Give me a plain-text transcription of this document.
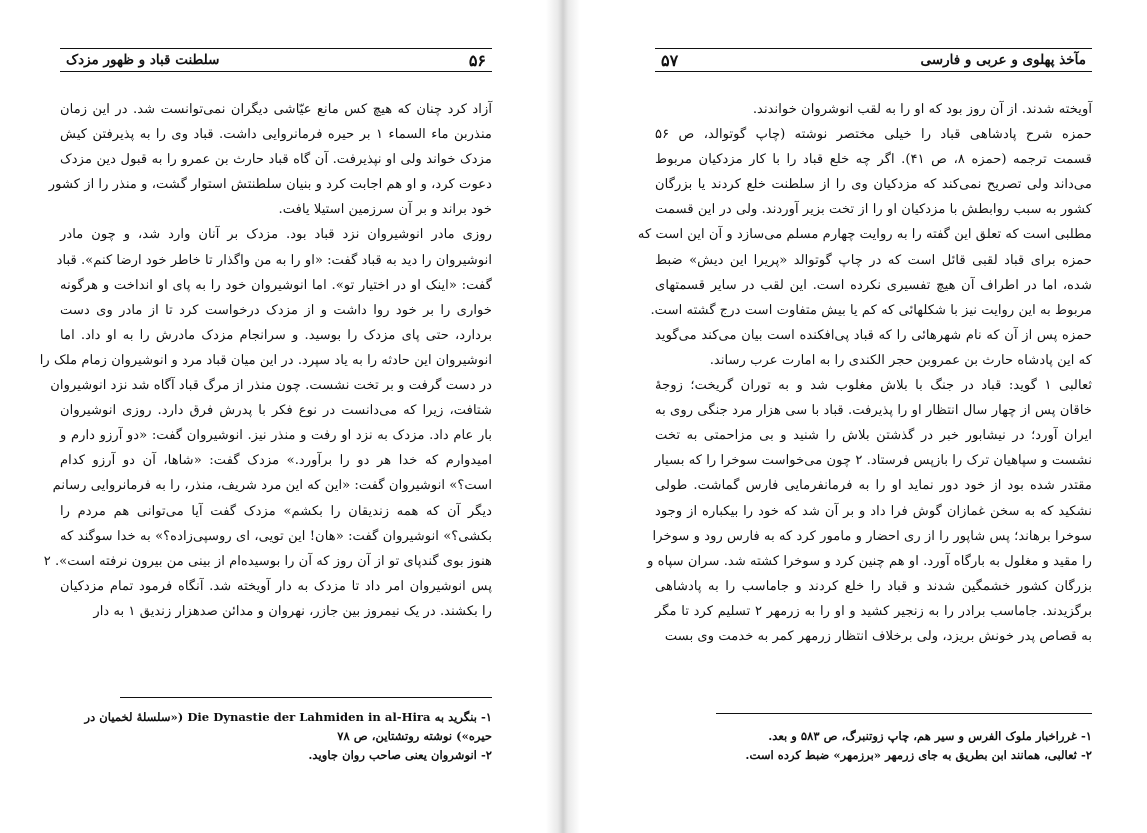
۵۶
سلطنت قباد و ظهور مزدک
آزاد کرد چنان که هیچ کس مانع عیّاشی دیگران نمی‌توانست شد. در این زمان
منذربن ماء السماء ۱ بر حیره فرمانروایی داشت. قباد وی را به پذیرفتن کیش
مزدک خواند ولی او نپذیرفت. آن گاه قباد حارث بن عمرو را به قبول دین مزدک
دعوت کرد، و او هم اجابت کرد و بنیان سلطنتش استوار گشت، و منذر را از کشور
خود براند و بر آن سرزمین استیلا یافت.
روزی مادر انوشیروان نزد قباد بود. مزدک بر آنان وارد شد، و چون مادر
انوشیروان را دید به قباد گفت: «او را به من واگذار تا خاطر خود ارضا کنم». قباد
گفت: «اینک او در اختیار تو». اما انوشیروان خود را به پای او انداخت و هرگونه
خواری را بر خود روا داشت و از مزدک درخواست کرد تا از مادر وی دست
بردارد، حتی پای مزدک را بوسید. و سرانجام مزدک مادرش را به او داد. اما
انوشیروان این حادثه را به یاد سپرد. در این میان قباد مرد و انوشیروان زمام ملک را
در دست گرفت و بر تخت نشست. چون منذر از مرگ قباد آگاه شد نزد انوشیروان
شتافت، زیرا که می‌دانست در نوع فکر با پدرش فرق دارد. روزی انوشیروان
بار عام داد. مزدک به نزد او رفت و منذر نیز. انوشیروان گفت: «دو آرزو دارم و
امیدوارم که خدا هر دو را برآورد.» مزدک گفت: «شاها، آن دو آرزو کدام
است؟» انوشیروان گفت: «این که این مرد شریف، منذر، را به فرمانروایی رسانم
دیگر آن که همه زندیقان را بکشم» مزدک گفت آیا می‌توانی هم مردم را
بکشی؟» انوشیروان گفت: «هان! این تویی، ای روسپی‌زاده؟» به خدا سوگند که
هنوز بوی گندپای تو از آن روز که آن را بوسیده‌ام از بینی من بیرون نرفته است». ۲
پس انوشیروان امر داد تا مزدک به دار آویخته شد. آنگاه فرمود تمام مزدکیان
را بکشند. در یک نیمروز بین جازر، نهروان و مدائن صدهزار زندیق ۱ به دار
۱- بنگرید به Die Dynastie der Lahmiden in al-Hira («سلسلهٔ لخمیان در
حیره») نوشته روتشتاین، ص ۷۸
۲- انوشروان یعنی صاحب روان جاوید.
مآخذ پهلوی و عربی و فارسی
۵۷
آویخته شدند. از آن روز بود که او را به لقب انوشروان خواندند.
حمزه شرح پادشاهی قباد را خیلی مختصر نوشته (چاپ گوتوالد، ص ۵۶
قسمت ترجمه (حمزه ۸، ص ۴۱). اگر چه خلع قباد را با کار مزدکیان مربوط
می‌داند ولی تصریح نمی‌کند که مزدکیان وی را از سلطنت خلع کردند یا بزرگان
کشور به سبب روابطش با مزدکیان او را از تخت بزیر آوردند. ولی در این قسمت
مطلبی است که تعلق این گفته را به روایت چهارم مسلم می‌سازد و آن این است که
حمزه برای قباد لقبی قائل است که در چاپ گوتوالد «پریرا این دیش» ضبط
شده، اما در اطراف آن هیچ تفسیری نکرده است. این لقب در سایر قسمتهای
مربوط به این روایت نیز با شکلهائی که کم یا بیش متفاوت است درج گشته است.
حمزه پس از آن که نام شهرهائی را که قباد پی‌افکنده است بیان می‌کند می‌گوید
که این پادشاه حارث بن عمروبن حجر الکندی را به امارت عرب رساند.
ثعالبی ۱ گوید: قباد در جنگ با بلاش مغلوب شد و به توران گریخت؛ زوجهٔ
خاقان پس از چهار سال انتظار او را پذیرفت. قباد با سی هزار مرد جنگی روی به
ایران آورد؛ در نیشابور خبر در گذشتن بلاش را شنید و بی مزاحمتی به تخت
نشست و سپاهیان ترک را بازپس فرستاد. ۲ چون می‌خواست سوخرا را که بسیار
مقتدر شده بود از خود دور نماید او را به فرمانفرمایی فارس گماشت. طولی
نشکید که به سخن غمازان گوش فرا داد و بر آن شد که خود را بیکباره از وجود
سوخرا برهاند؛ پس شاپور را از ری احضار و مامور کرد که به فارس رود و سوخرا
را مقید و مغلول به بارگاه آورد. او هم چنین کرد و سوخرا کشته شد. سران سپاه و
بزرگان کشور خشمگین شدند و قباد را خلع کردند و جاماسب را به پادشاهی
برگزیدند. جاماسب برادر را به زنجیر کشید و او را به زرمهر ۲ تسلیم کرد تا مگر
به قصاص پدر خونش بریزد، ولی برخلاف انتظار زرمهر کمر به خدمت وی بست
۱- غرراخبار ملوک الفرس و سیر هم، چاپ زوتنبرگ، ص ۵۸۳ و بعد.
۲- ثعالبی، همانند ابن بطریق به جای زرمهر «برزمهر» ضبط کرده است.
